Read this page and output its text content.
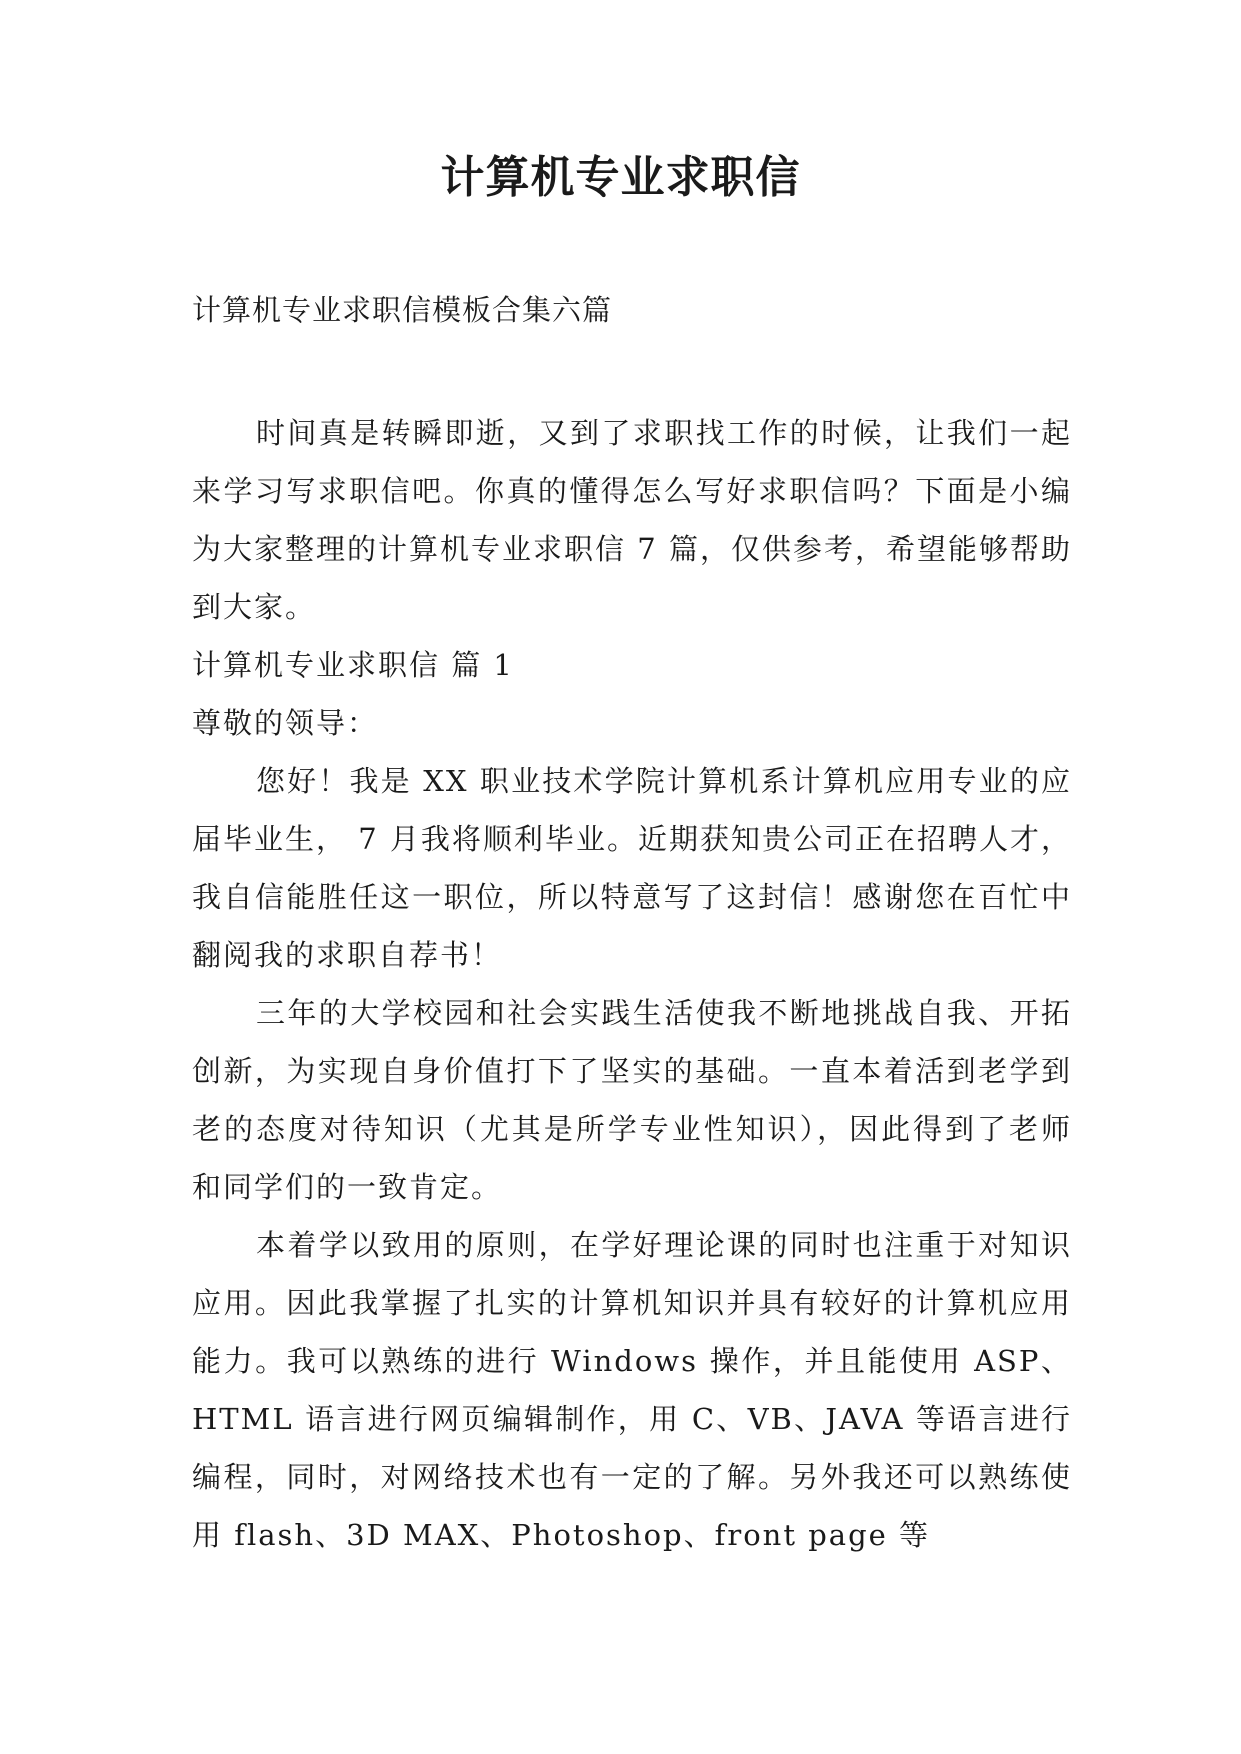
计算机专业求职信

计算机专业求职信模板合集六篇

时间真是转瞬即逝，又到了求职找工作的时候，让我们一起来学习写求职信吧。你真的懂得怎么写好求职信吗？下面是小编为大家整理的计算机专业求职信 7 篇，仅供参考，希望能够帮助到大家。

计算机专业求职信 篇 1

尊敬的领导：

您好！我是 XX 职业技术学院计算机系计算机应用专业的应届毕业生， 7 月我将顺利毕业。近期获知贵公司正在招聘人才，我自信能胜任这一职位，所以特意写了这封信！感谢您在百忙中翻阅我的求职自荐书！

三年的大学校园和社会实践生活使我不断地挑战自我、开拓创新，为实现自身价值打下了坚实的基础。一直本着活到老学到老的态度对待知识（尤其是所学专业性知识），因此得到了老师和同学们的一致肯定。

本着学以致用的原则，在学好理论课的同时也注重于对知识应用。因此我掌握了扎实的计算机知识并具有较好的计算机应用能力。我可以熟练的进行 Windows 操作，并且能使用 ASP、HTML 语言进行网页编辑制作，用 C、VB、JAVA 等语言进行编程，同时，对网络技术也有一定的了解。另外我还可以熟练使用 flash、3D MAX、Photoshop、front page 等
